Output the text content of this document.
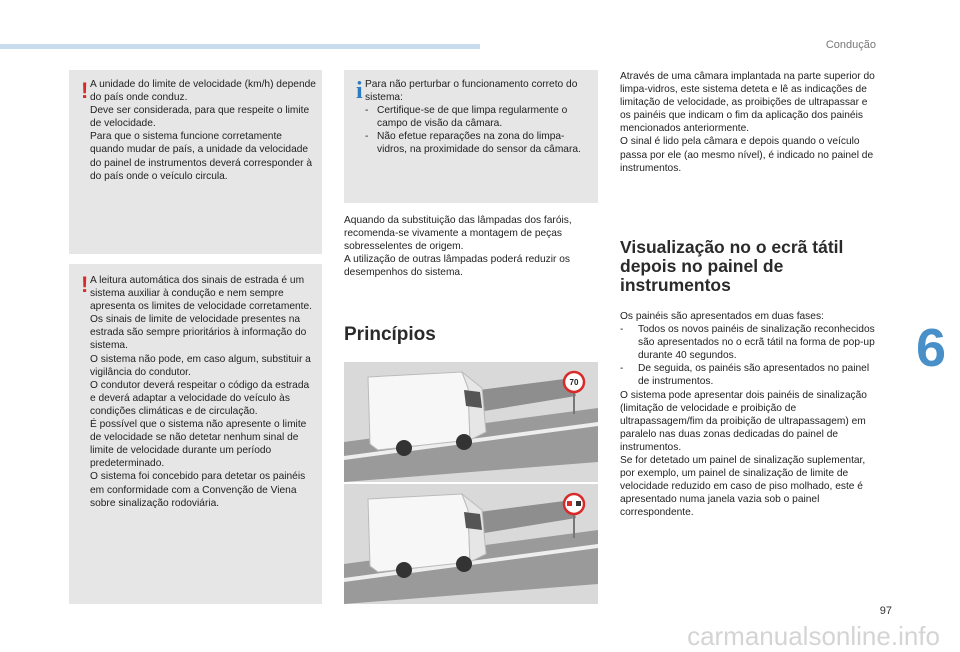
Condução
6
! A unidade do limite de velocidade (km/h) depende do país onde conduz.

Deve ser considerada, para que respeite o limite de velocidade.

Para que o sistema funcione corretamente quando mudar de país, a unidade da velocidade do painel de instrumentos deverá corresponder à do país onde o veículo circula.

! A leitura automática dos sinais de estrada é um sistema auxiliar à condução e nem sempre apresenta os limites de velocidade corretamente.

Os sinais de limite de velocidade presentes na estrada são sempre prioritários à informação do sistema.

O sistema não pode, em caso algum, substituir a vigilância do condutor.

O condutor deverá respeitar o código da estrada e deverá adaptar a velocidade do veículo às condições climáticas e de circulação.

É possível que o sistema não apresente o limite de velocidade se não detetar nenhum sinal de limite de velocidade durante um período predeterminado.

O sistema foi concebido para detetar os painéis em conformidade com a Convenção de Viena sobre sinalização rodoviária.

i Para não perturbar o funcionamento correto do sistema:

- Certifique-se de que limpa regularmente o campo de visão da câmara.
- Não efetue reparações na zona do limpa-vidros, na proximidade do sensor da câmara.

Aquando da substituição das lâmpadas dos faróis, recomenda-se vivamente a montagem de peças sobresselentes de origem.

A utilização de outras lâmpadas poderá reduzir os desempenhos do sistema.

Princípios
70

Através de uma câmara implantada na parte superior do limpa-vidros, este sistema deteta e lê as indicações de limitação de velocidade, as proibições de ultrapassar e os painéis que indicam o fim da aplicação dos painéis mencionados anteriormente.

O sinal é lido pela câmara e depois quando o veículo passa por ele (ao mesmo nível), é indicado no painel de instrumentos.

Visualização no o ecrã tátil depois no painel de instrumentos

Os painéis são apresentados em duas fases:

-	Todos os novos painéis de sinalização reconhecidos são apresentados no o ecrã tátil na forma de pop-up durante 40 segundos.
-	De seguida, os painéis são apresentados no painel de instrumentos.

O sistema pode apresentar dois painéis de sinalização (limitação de velocidade e proibição de ultrapassagem/fim da proibição de ultrapassagem) em paralelo nas duas zonas dedicadas do painel de instrumentos.

Se for detetado um painel de sinalização suplementar, por exemplo, um painel de sinalização de limite de velocidade reduzido em caso de piso molhado, este é apresentado numa janela vazia sob o painel correspondente.

97
carmanualsonline.info
